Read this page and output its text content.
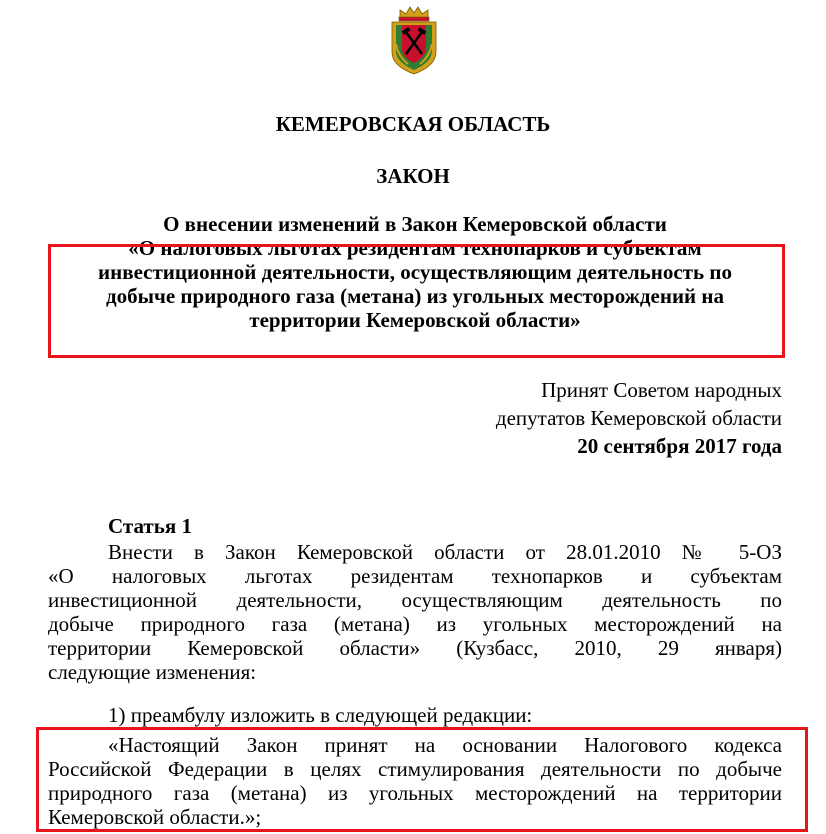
КЕМЕРОВСКАЯ ОБЛАСТЬ
ЗАКОН
О внесении изменений в Закон Кемеровской области
«О налоговых льготах резидентам технопарков и субъектам
инвестиционной деятельности, осуществляющим деятельность по
добыче природного газа (метана) из угольных месторождений на
территории Кемеровской области»
Принят Советом народных
депутатов Кемеровской области
20 сентября 2017 года
Статья 1
Внести в Закон Кемеровской области от 28.01.2010 № 5-ОЗ
«О налоговых льготах резидентам технопарков и субъектам
инвестиционной деятельности, осуществляющим деятельность по
добыче природного газа (метана) из угольных месторождений на
территории Кемеровской области» (Кузбасс, 2010, 29 января)
следующие изменения:
1) преамбулу изложить в следующей редакции:
«Настоящий Закон принят на основании Налогового кодекса
Российской Федерации в целях стимулирования деятельности по добыче
природного газа (метана) из угольных месторождений на территории
Кемеровской области.»;
